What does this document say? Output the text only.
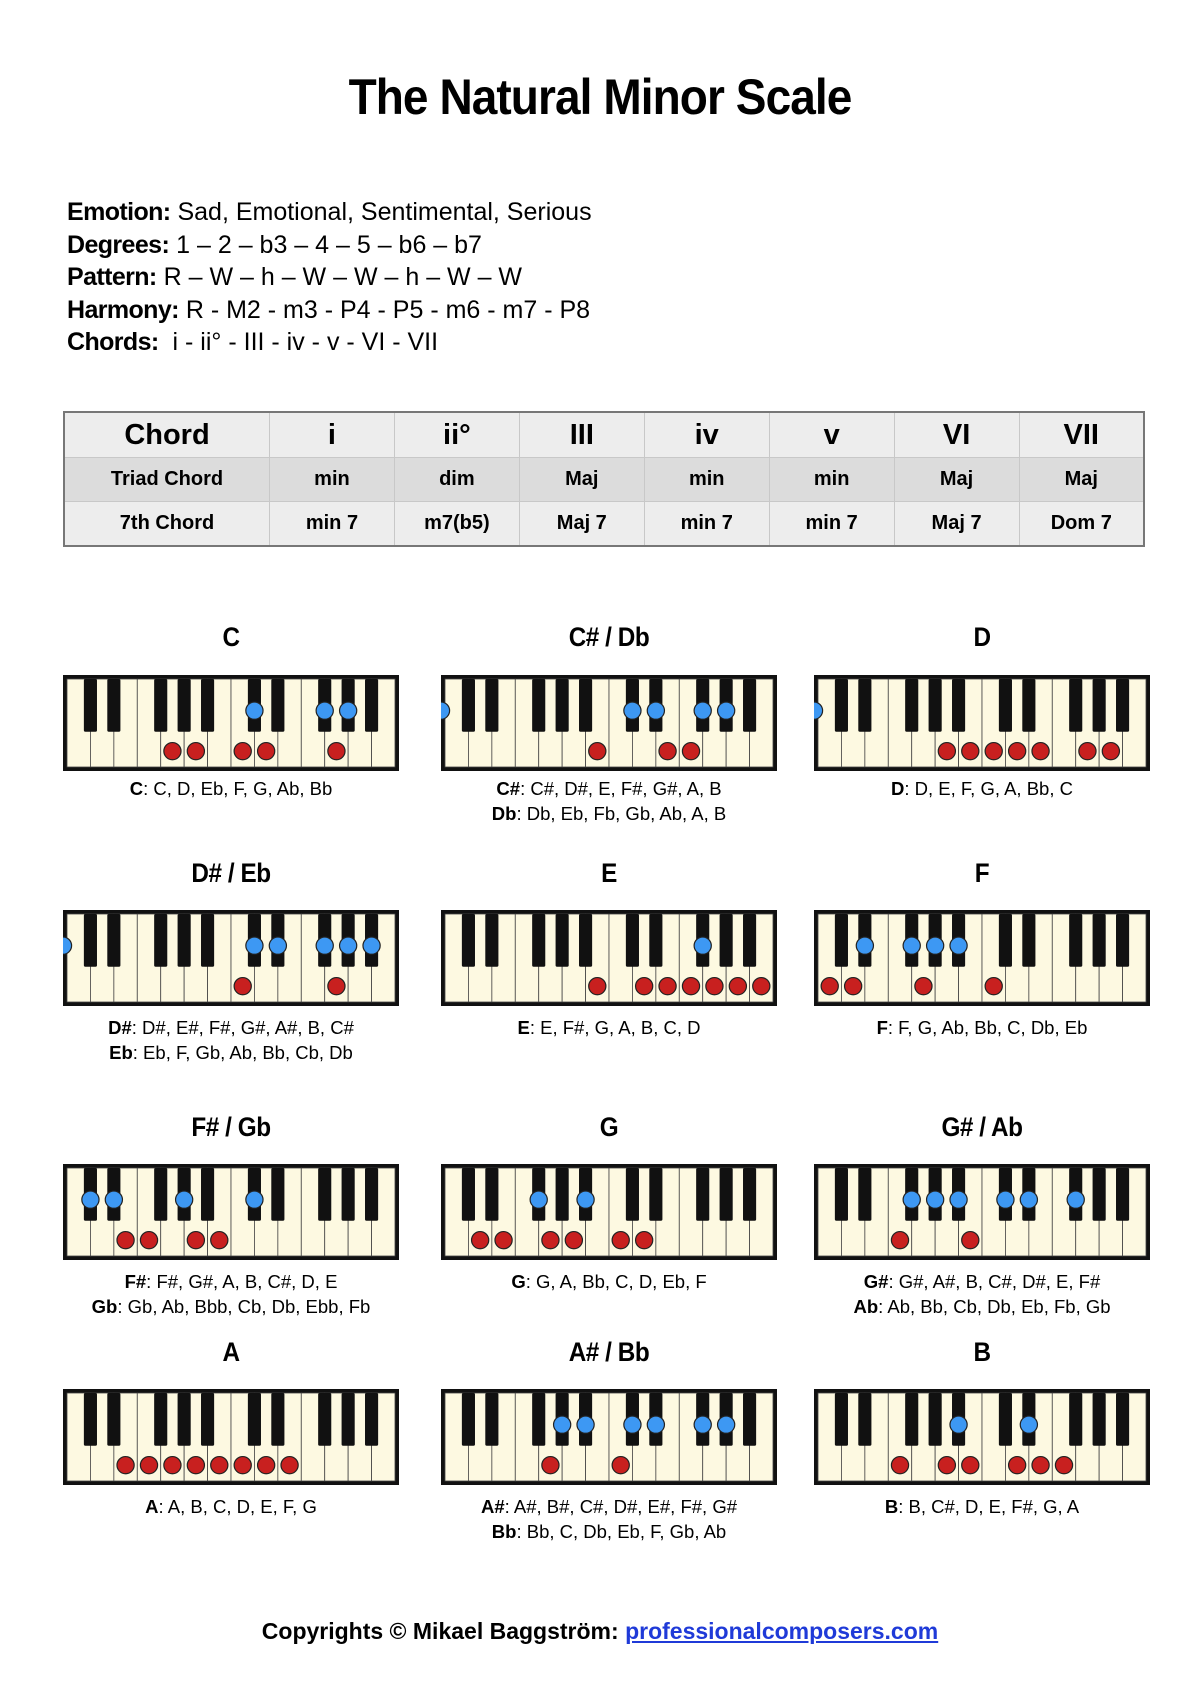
The Natural Minor Scale
Emotion: Sad, Emotional, Sentimental, Serious
Degrees: 1 – 2 – b3 – 4 – 5 – b6 – b7
Pattern: R – W – h – W – W – h – W – W
Harmony: R - M2 - m3 - P4 - P5 - m6 - m7 - P8
Chords:  i - ii° - III - iv - v - VI - VII
Chord	i	ii°	III	iv	v	VI	VII
Triad Chord	min	dim	Maj	min	min	Maj	Maj
7th Chord	min 7	m7(b5)	Maj 7	min 7	min 7	Maj 7	Dom 7
C
C: C, D, Eb, F, G, Ab, Bb
C# / Db
C#: C#, D#, E, F#, G#, A, B
Db: Db, Eb, Fb, Gb, Ab, A, B
D
D: D, E, F, G, A, Bb, C
D# / Eb
D#: D#, E#, F#, G#, A#, B, C#
Eb: Eb, F, Gb, Ab, Bb, Cb, Db
E
E: E, F#, G, A, B, C, D
F
F: F, G, Ab, Bb, C, Db, Eb
F# / Gb
F#: F#, G#, A, B, C#, D, E
Gb: Gb, Ab, Bbb, Cb, Db, Ebb, Fb
G
G: G, A, Bb, C, D, Eb, F
G# / Ab
G#: G#, A#, B, C#, D#, E, F#
Ab: Ab, Bb, Cb, Db, Eb, Fb, Gb
A
A: A, B, C, D, E, F, G
A# / Bb
A#: A#, B#, C#, D#, E#, F#, G#
Bb: Bb, C, Db, Eb, F, Gb, Ab
B
B: B, C#, D, E, F#, G, A
Copyrights © Mikael Baggström: professionalcomposers.com
